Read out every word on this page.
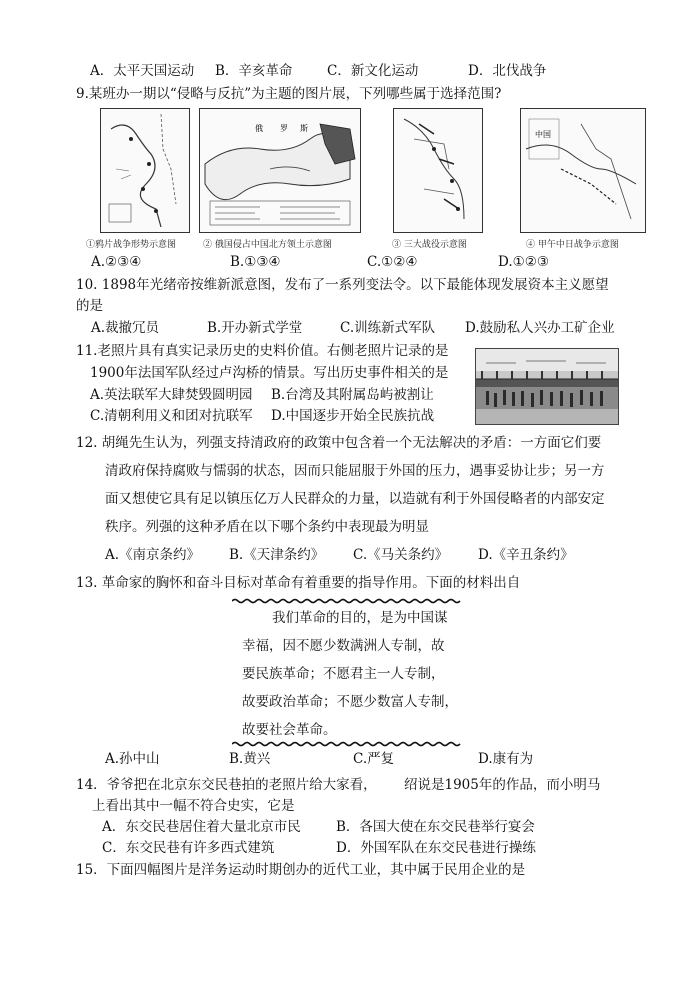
A．太平天国运动 B．辛亥革命	C．新文化运动	D．北伐战争
9.某班办一期以“侵略与反抗”为主题的图片展，下列哪些属于选择范围?
俄 罗 斯
中国
①鸦片战争形势示意图	② 俄国侵占中国北方领土示意图	③ 三大战役示意图	④ 甲午中日战争示意图
A.②③④	B.①③④	C.①②④	D.①②③
10. 1898年光绪帝按维新派意图，发布了一系列变法令。以下最能体现发展资本主义愿望
的是
A.裁撤冗员	B.开办新式学堂	C.训练新式军队 D.鼓励私人兴办工矿企业
11.老照片具有真实记录历史的史料价值。右侧老照片记录的是
1900年法国军队经过卢沟桥的情景。写出历史事件相关的是
A.英法联军大肆焚毁圆明园 B.台湾及其附属岛屿被割让
C.清朝利用义和团对抗联军 D.中国逐步开始全民族抗战
12. 胡绳先生认为，列强支持清政府的政策中包含着一个无法解决的矛盾：一方面它们要
清政府保持腐败与懦弱的状态，因而只能屈服于外国的压力，遇事妥协让步；另一方
面又想使它具有足以镇压亿万人民群众的力量，以造就有利于外国侵略者的内部安定
秩序。列强的这种矛盾在以下哪个条约中表现最为明显
A.《南京条约》 B.《天津条约》 C.《马关条约》 D.《辛丑条约》
13. 革命家的胸怀和奋斗目标对革命有着重要的指导作用。下面的材料出自
我们革命的目的，是为中国谋
幸福，因不愿少数满洲人专制，故
要民族革命；不愿君主一人专制，
故要政治革命；不愿少数富人专制，
故要社会革命。
A.孙中山	B.黄兴	C.严复	D.康有为
14．爷爷把在北京东交民巷拍的老照片给大家看， 绍说是1905年的作品，而小明马
上看出其中一幅不符合史实，它是
A．东交民巷居住着大量北京市民	B．各国大使在东交民巷举行宴会
C．东交民巷有许多西式建筑	D．外国军队在东交民巷进行操练
15．下面四幅图片是洋务运动时期创办的近代工业，其中属于民用企业的是
